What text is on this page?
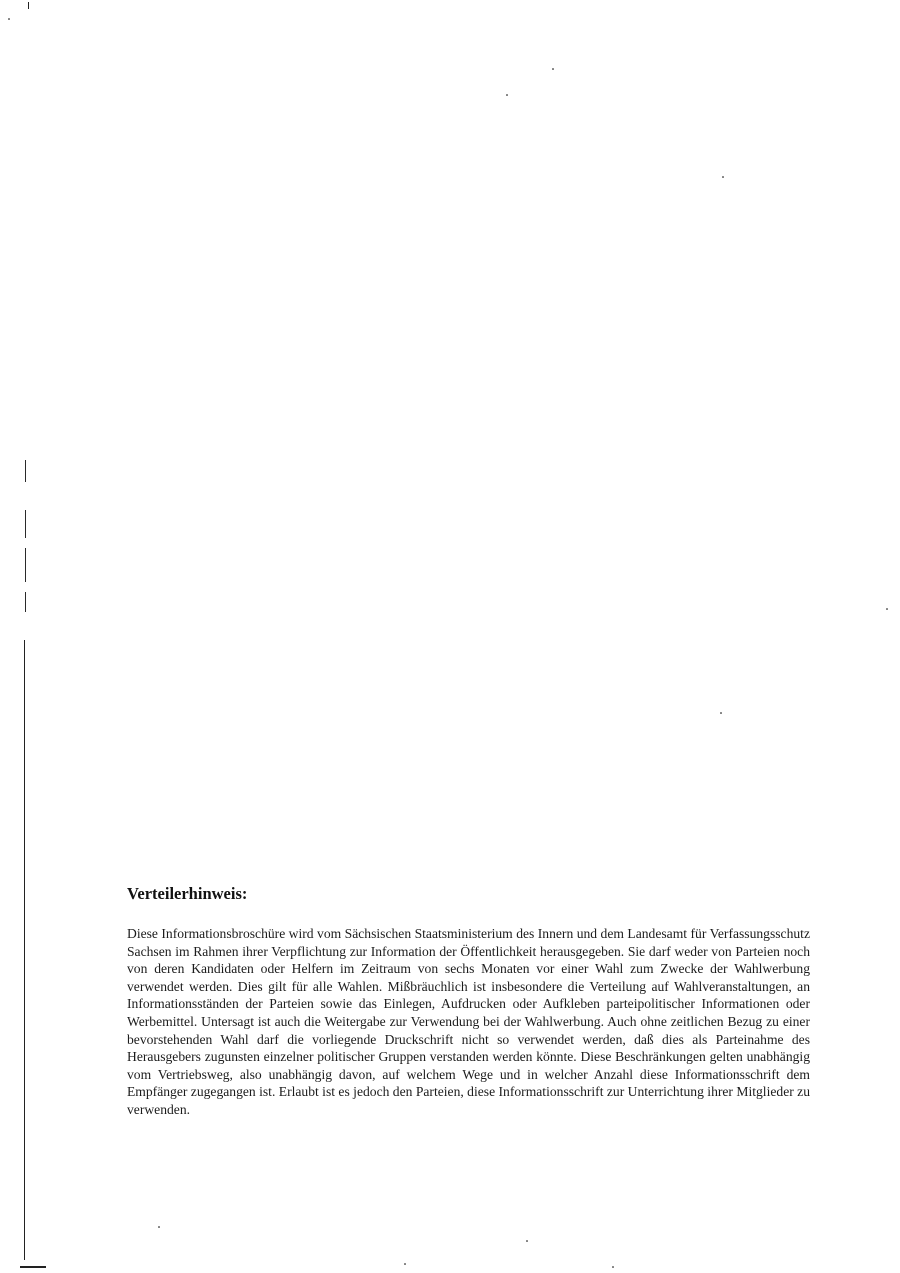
Verteilerhinweis:

Diese Informationsbroschüre wird vom Sächsischen Staatsministerium des Innern und dem Landesamt für Verfassungsschutz Sachsen im Rahmen ihrer Verpflichtung zur Information der Öffentlichkeit herausgegeben. Sie darf weder von Parteien noch von deren Kandidaten oder Helfern im Zeitraum von sechs Monaten vor einer Wahl zum Zwecke der Wahlwerbung verwendet werden. Dies gilt für alle Wahlen. Mißbräuchlich ist insbesondere die Verteilung auf Wahlveranstaltungen, an Informationsständen der Parteien sowie das Einlegen, Aufdrucken oder Aufkleben parteipolitischer Informationen oder Werbemittel. Untersagt ist auch die Weitergabe zur Verwendung bei der Wahlwerbung. Auch ohne zeitlichen Bezug zu einer bevorstehenden Wahl darf die vorliegende Druckschrift nicht so verwendet werden, daß dies als Parteinahme des Herausgebers zugunsten einzelner politischer Gruppen verstanden werden könnte. Diese Beschränkungen gelten unabhängig vom Vertriebsweg, also unabhängig davon, auf welchem Wege und in welcher Anzahl diese Informationsschrift dem Empfänger zugegangen ist. Erlaubt ist es jedoch den Parteien, diese Informationsschrift zur Unterrichtung ihrer Mitglieder zu verwenden.
